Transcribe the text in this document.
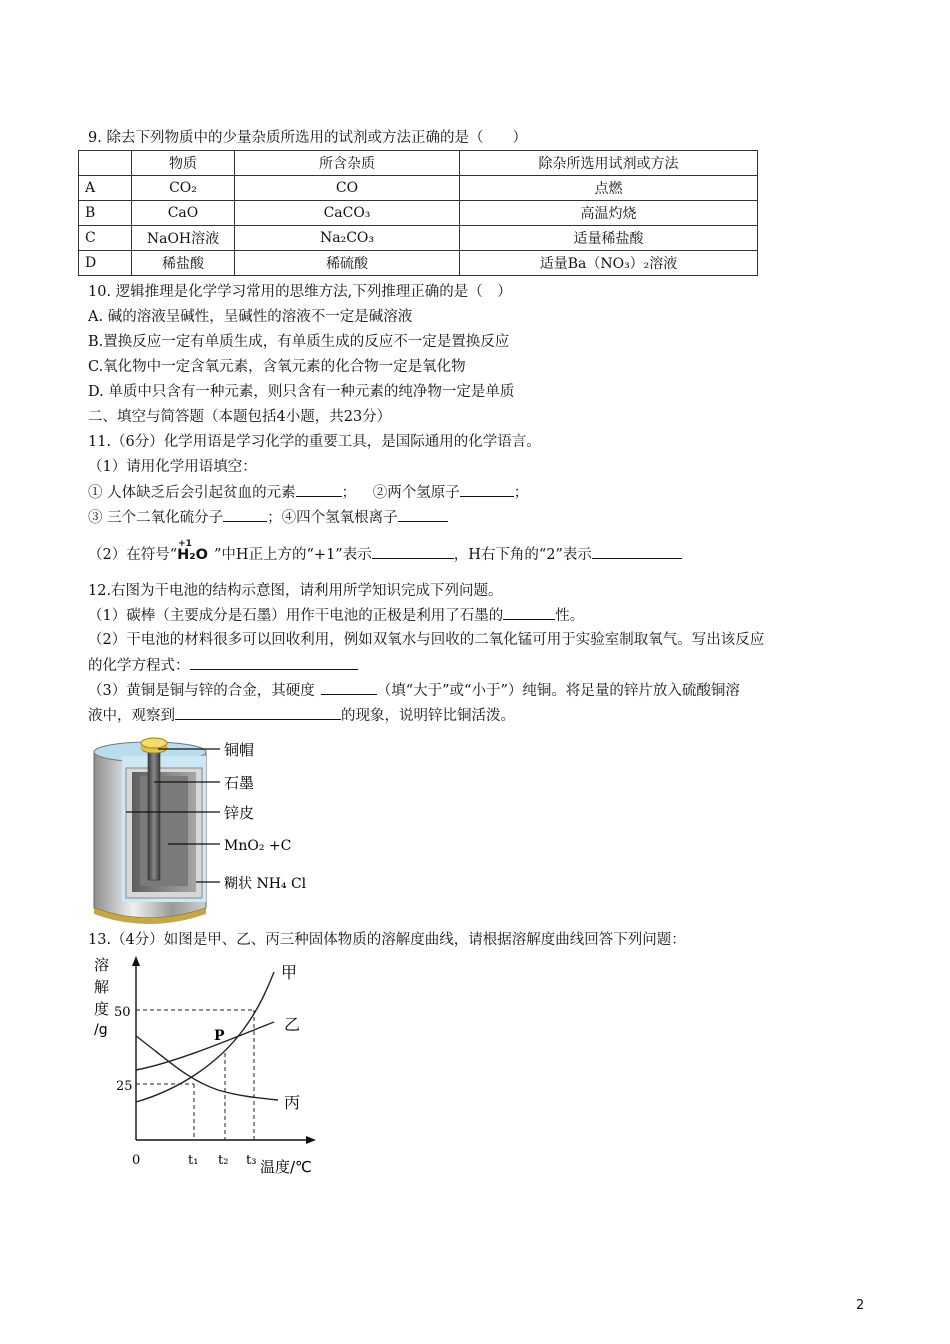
9. 除去下列物质中的少量杂质所选用的试剂或方法正确的是（　　）
	物质	所含杂质	除杂所选用试剂或方法
A	CO₂	CO	点燃
B	CaO	CaCO₃	高温灼烧
C	NaOH溶液	Na₂CO₃	适量稀盐酸
D	稀盐酸	稀硫酸	适量Ba（NO₃）₂溶液
10. 逻辑推理是化学学习常用的思维方法,下列推理正确的是（　）
A. 碱的溶液呈碱性，呈碱性的溶液不一定是碱溶液
B.置换反应一定有单质生成，有单质生成的反应不一定是置换反应
C.氧化物中一定含氧元素，含氧元素的化合物一定是氧化物
D. 单质中只含有一种元素，则只含有一种元素的纯净物一定是单质
二、填空与简答题（本题包括4小题，共23分）
11.（6分）化学用语是学习化学的重要工具，是国际通用的化学语言。
（1）请用化学用语填空：
① 人体缺乏后会引起贫血的元素	； ②两个氢原子	；
③ 三个二氧化硫分子	；④四个氢氧根离子
（2）在符号“
+1
H₂O ”中H正上方的“+1”表示	，H右下角的“2”表示
12.右图为干电池的结构示意图，请利用所学知识完成下列问题。
（1）碳棒（主要成分是石墨）用作干电池的正极是利用了石墨的	性。
（2）干电池的材料很多可以回收利用，例如双氧水与回收的二氧化锰可用于实验室制取氧气。写出该反应
的化学方程式：
（3）黄铜是铜与锌的合金，其硬度	（填“大于”或“小于”）纯铜。将足量的锌片放入硫酸铜溶
液中，观察到	的现象，说明锌比铜活泼。
铜帽
石墨
锌皮
MnO₂ +C
糊状 NH₄ Cl
13.（4分）如图是甲、乙、丙三种固体物质的溶解度曲线，请根据溶解度曲线回答下列问题：
溶
解
度
/g
50
25
0	t₁ t₂ t₃ 温度/℃
P
甲
乙
丙
2
